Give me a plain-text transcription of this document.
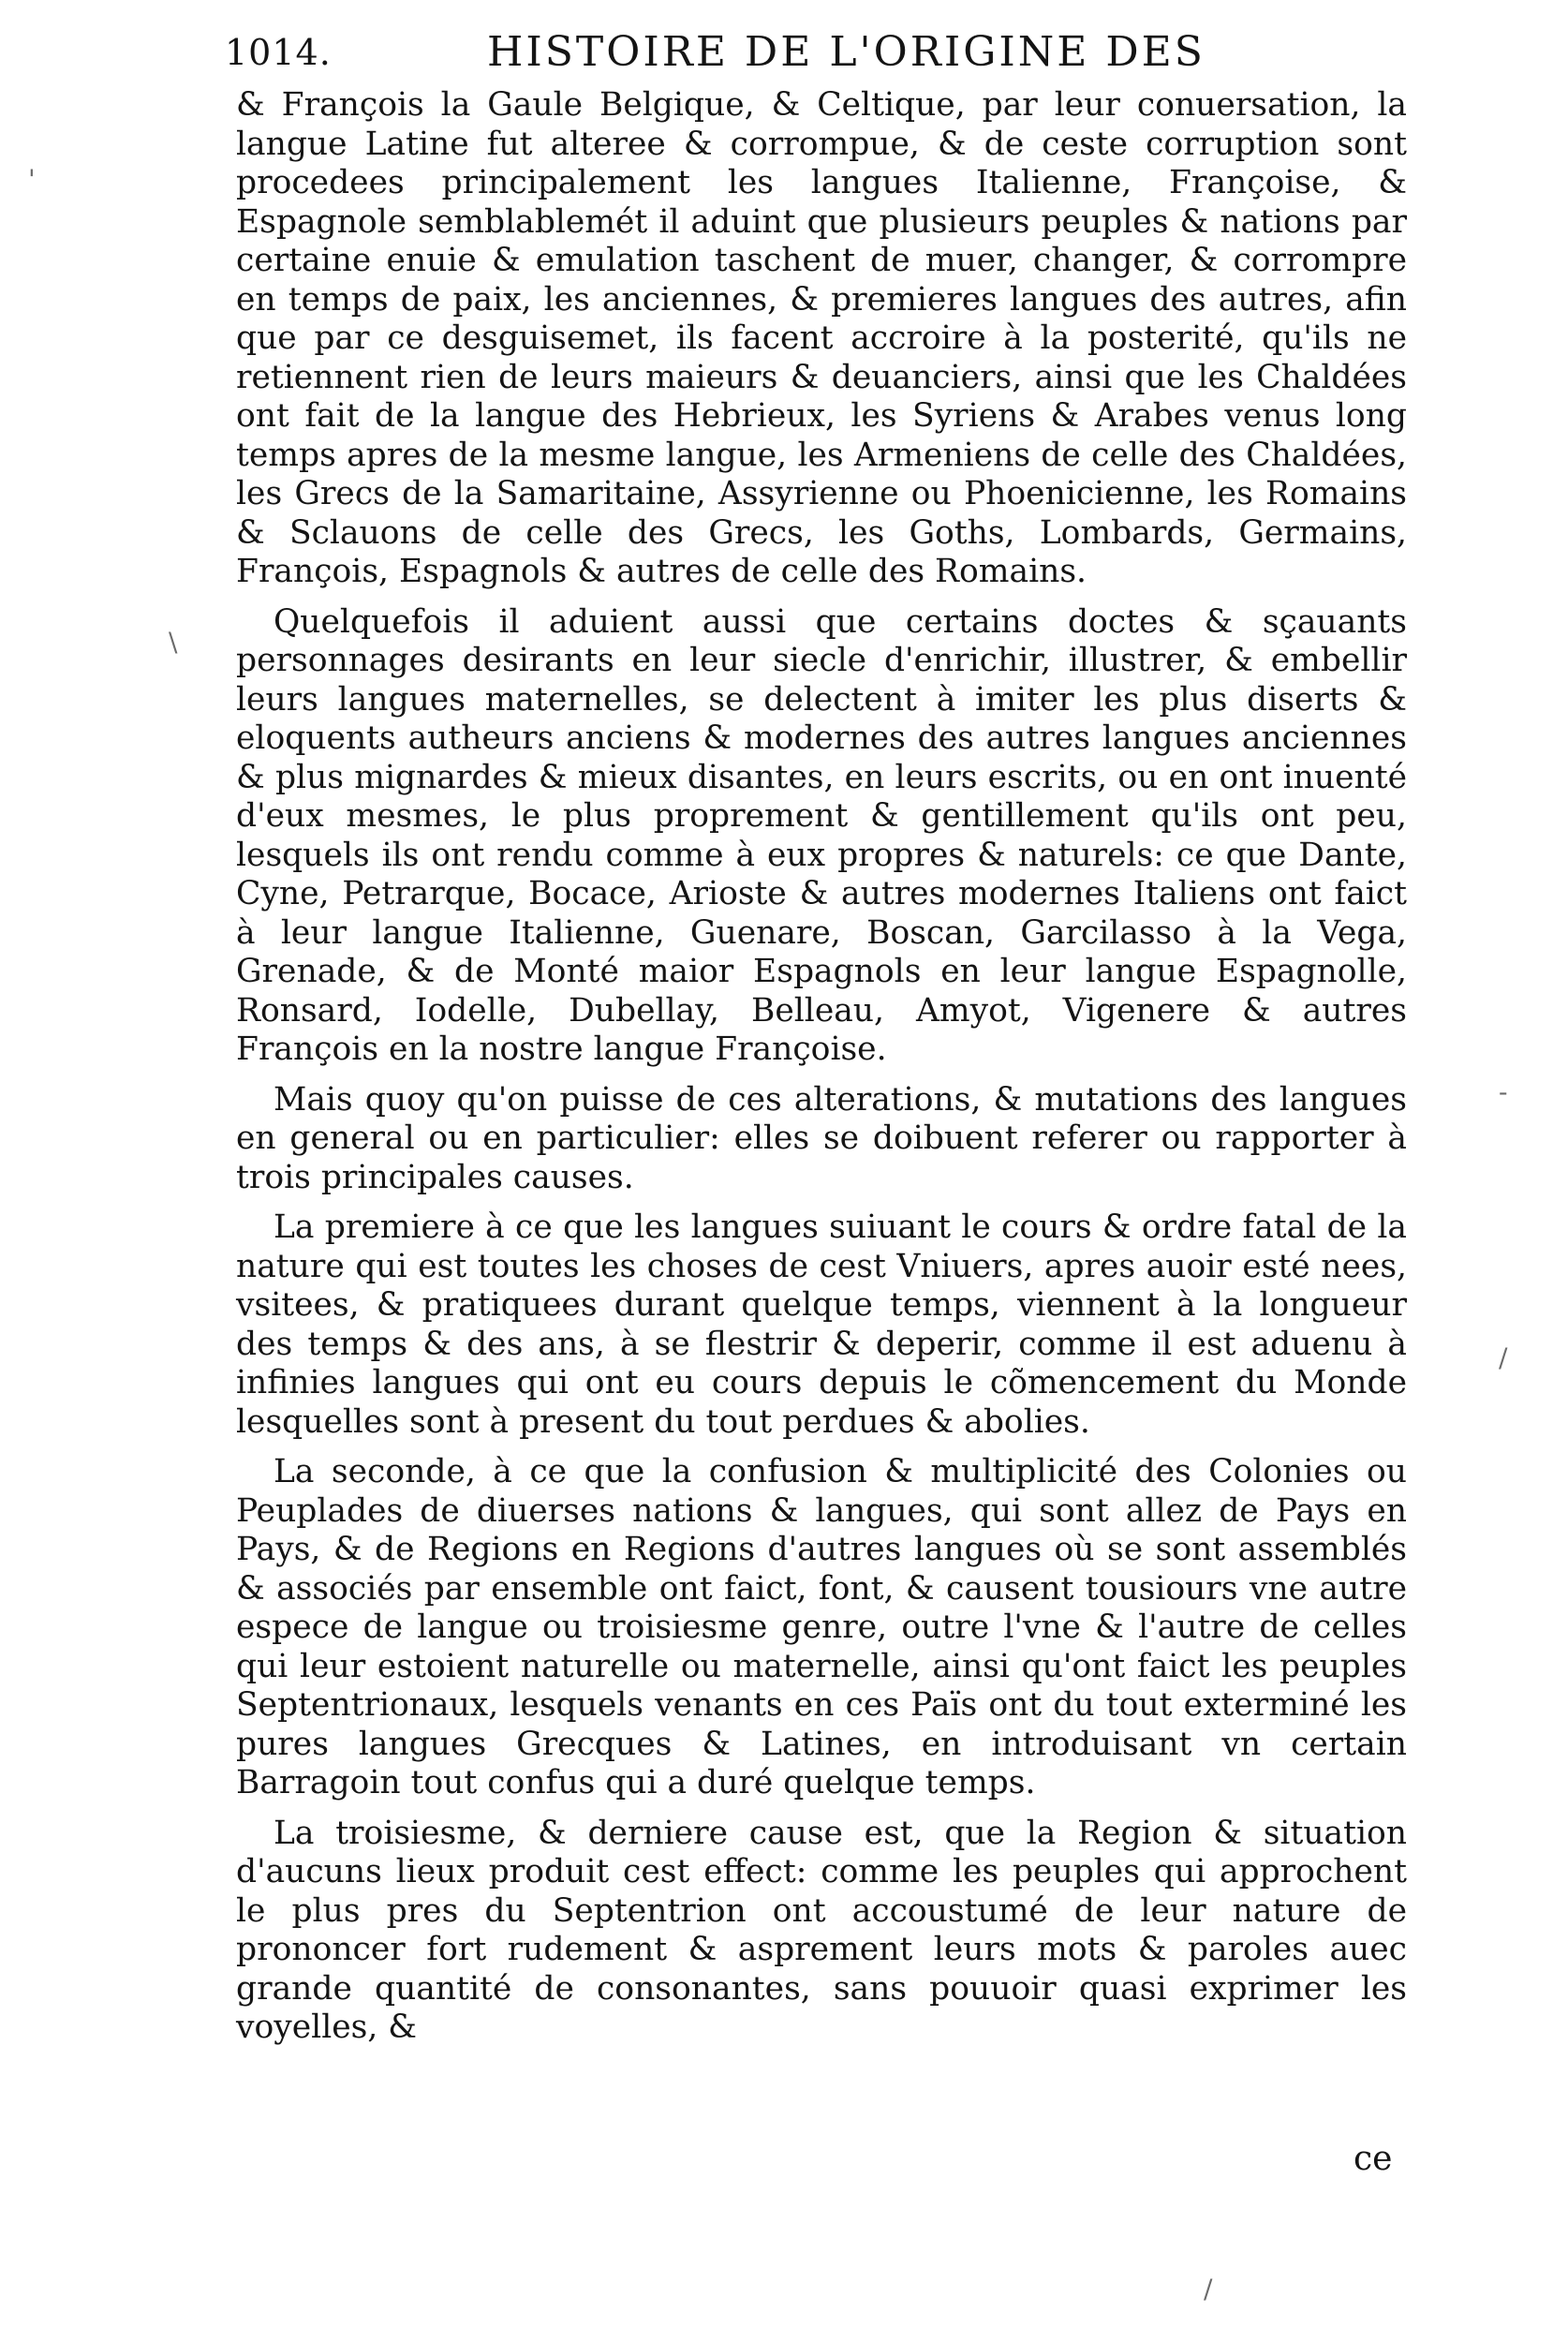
1014.	HISTOIRE DE L'ORIGINE DES

& François la Gaule Belgique, & Celtique, par leur conuersation, la langue Latine fut alteree & corrompue, & de ceste corruption sont procedees principalement les langues Italienne, Françoise, & Espagnole semblablemét il aduint que plusieurs peuples & nations par certaine enuie & emulation taschent de muer, changer, & corrompre en temps de paix, les anciennes, & premieres langues des autres, afin que par ce desguisemet, ils facent accroire à la posterité, qu'ils ne retiennent rien de leurs maieurs & deuanciers, ainsi que les Chaldées ont fait de la langue des Hebrieux, les Syriens & Arabes venus long temps apres de la mesme langue, les Armeniens de celle des Chaldées, les Grecs de la Samaritaine, Assyrienne ou Phoenicienne, les Romains & Sclauons de celle des Grecs, les Goths, Lombards, Germains, François, Espagnols & autres de celle des Romains.

Quelquefois il aduient aussi que certains doctes & sçauants personnages desirants en leur siecle d'enrichir, illustrer, & embellir leurs langues maternelles, se delectent à imiter les plus diserts & eloquents autheurs anciens & modernes des autres langues anciennes & plus mignardes & mieux disantes, en leurs escrits, ou en ont inuenté d'eux mesmes, le plus proprement & gentillement qu'ils ont peu, lesquels ils ont rendu comme à eux propres & naturels: ce que Dante, Cyne, Petrarque, Bocace, Arioste & autres modernes Italiens ont faict à leur langue Italienne, Guenare, Boscan, Garcilasso à la Vega, Grenade, & de Monté maior Espagnols en leur langue Espagnolle, Ronsard, Iodelle, Dubellay, Belleau, Amyot, Vigenere & autres François en la nostre langue Françoise.

Mais quoy qu'on puisse de ces alterations, & mutations des langues en general ou en particulier: elles se doibuent referer ou rapporter à trois principales causes.

La premiere à ce que les langues suiuant le cours & ordre fatal de la nature qui est toutes les choses de cest Vniuers, apres auoir esté nees, vsitees, & pratiquees durant quelque temps, viennent à la longueur des temps & des ans, à se flestrir & deperir, comme il est aduenu à infinies langues qui ont eu cours depuis le cõmencement du Monde lesquelles sont à present du tout perdues & abolies.

La seconde, à ce que la confusion & multiplicité des Colonies ou Peuplades de diuerses nations & langues, qui sont allez de Pays en Pays, & de Regions en Regions d'autres langues où se sont assemblés & associés par ensemble ont faict, font, & causent tousiours vne autre espece de langue ou troisiesme genre, outre l'vne & l'autre de celles qui leur estoient naturelle ou maternelle, ainsi qu'ont faict les peuples Septentrionaux, lesquels venants en ces Païs ont du tout exterminé les pures langues Grecques & Latines, en introduisant vn certain Barragoin tout confus qui a duré quelque temps.

La troisiesme, & derniere cause est, que la Region & situation d'aucuns lieux produit cest effect: comme les peuples qui approchent le plus pres du Septentrion ont accoustumé de leur nature de prononcer fort rudement & asprement leurs mots & paroles auec grande quantité de consonantes, sans pouuoir quasi exprimer les voyelles, &

ce
'
\
-
/
/
